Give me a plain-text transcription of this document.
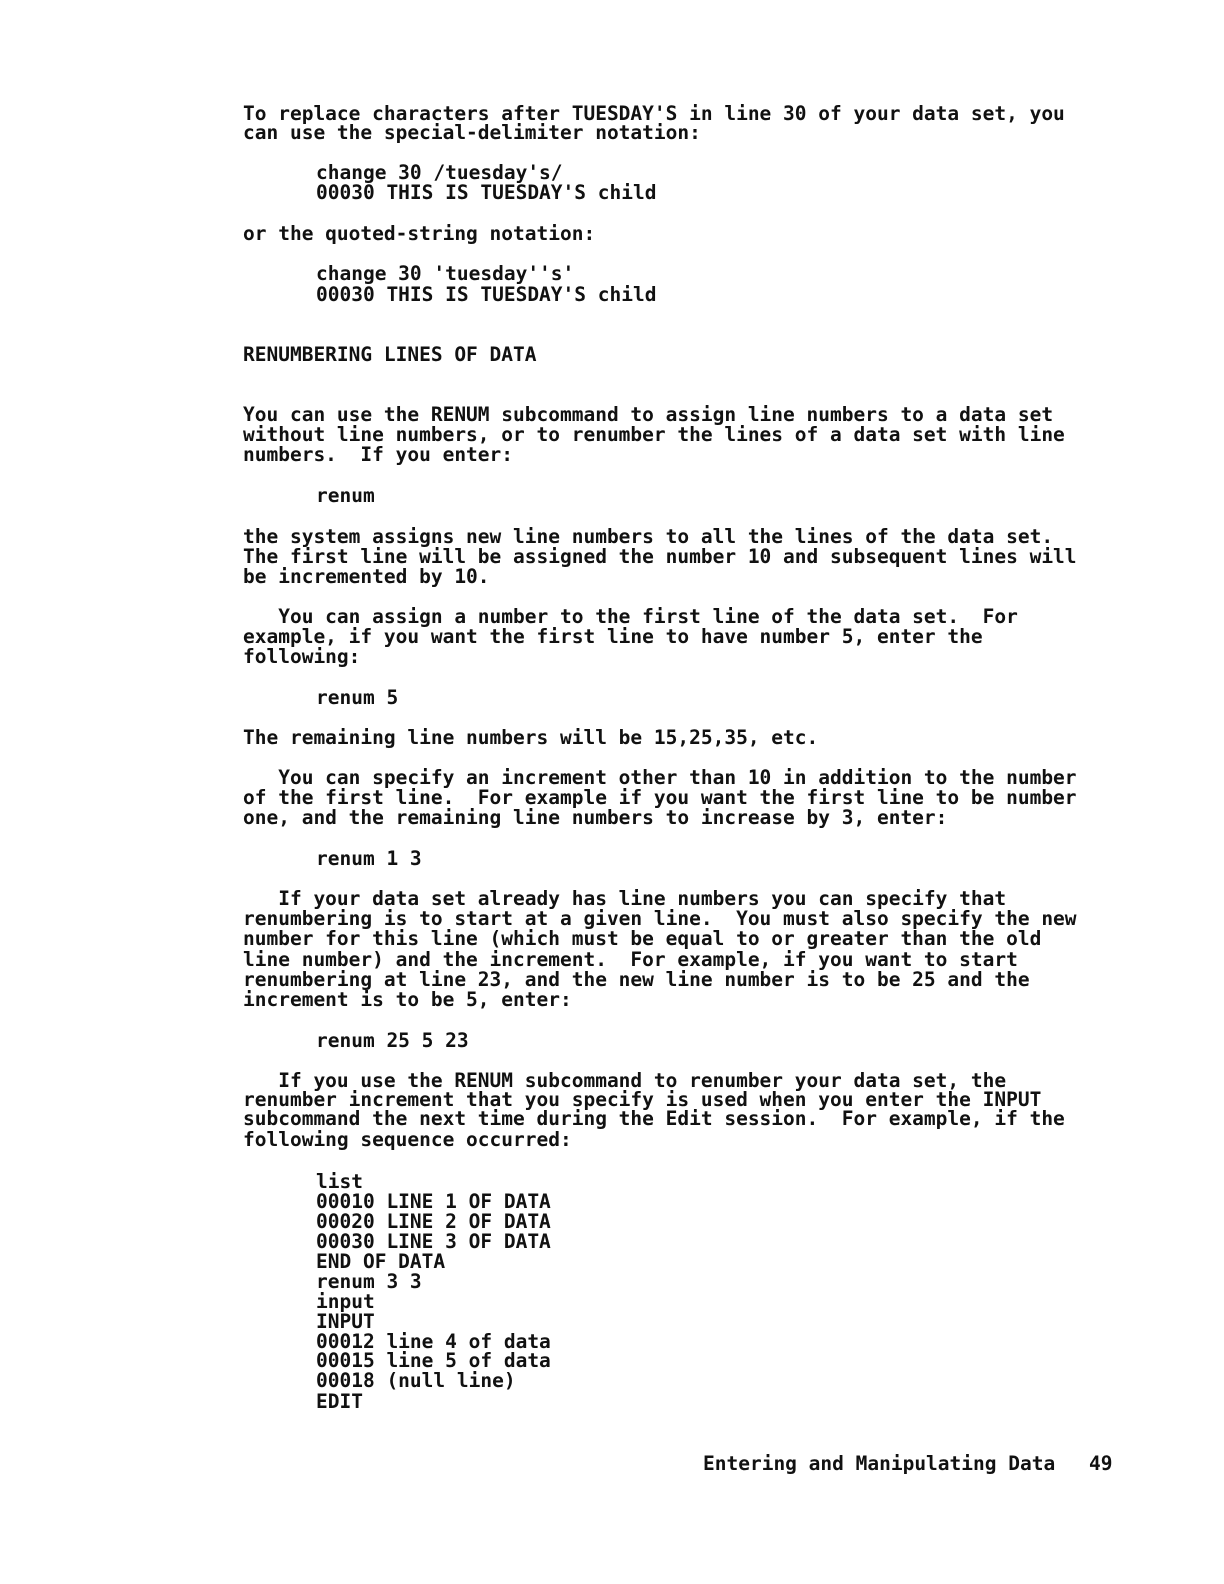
To replace characters after TUESDAY'S in line 30 of your data set, you
can use the special-delimiter notation:
change 30 /tuesday's/
00030 THIS IS TUESDAY'S child
or the quoted-string notation:
change 30 'tuesday''s'
00030 THIS IS TUESDAY'S child
RENUMBERING LINES OF DATA
You can use the RENUM subcommand to assign line numbers to a data set
without line numbers, or to renumber the lines of a data set with line
numbers.  If you enter:
renum
the system assigns new line numbers to all the lines of the data set.
The first line will be assigned the number 10 and subsequent lines will
be incremented by 10.
You can assign a number to the first line of the data set.  For
example, if you want the first line to have number 5, enter the
following:
renum 5
The remaining line numbers will be 15,25,35, etc.
You can specify an increment other than 10 in addition to the number
of the first line.  For example if you want the first line to be number
one, and the remaining line numbers to increase by 3, enter:
renum 1 3
If your data set already has line numbers you can specify that
renumbering is to start at a given line.  You must also specify the new
number for this line (which must be equal to or greater than the old
line number) and the increment.  For example, if you want to start
renumbering at line 23, and the new line number is to be 25 and the
increment is to be 5, enter:
renum 25 5 23
If you use the RENUM subcommand to renumber your data set, the
renumber increment that you specify is used when you enter the INPUT
subcommand the next time during the Edit session.  For example, if the
following sequence occurred:
list
00010 LINE 1 OF DATA
00020 LINE 2 OF DATA
00030 LINE 3 OF DATA
END OF DATA
renum 3 3
input
INPUT
00012 line 4 of data
00015 line 5 of data
00018 (null line)
EDIT
Entering and Manipulating Data 49
